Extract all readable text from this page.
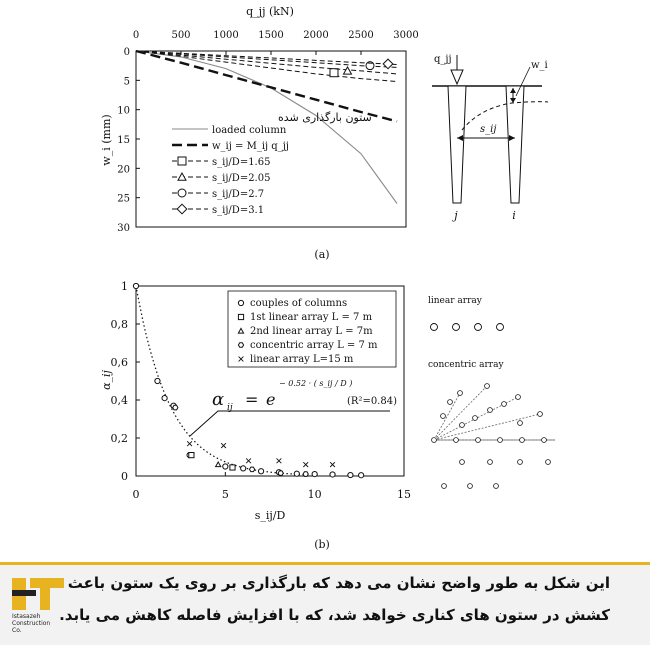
q_jj (kN)
0	500 1000 1500 2000 2500 3000
0
5
10
15
20
25
30
w_i (mm)	ستون بارگذاری شده
loaded column
w_ij = M_ij q_jj
s_ij/D=1.65
s_ij/D=2.05
s_ij/D=2.7
s_ij/D=3.1
(a)
q_jj
w_i
s_ij
j	i
0	5	10	15
0
0,2
0,4
0,6
0,8
1
α_ij
s_ij/D
couples of columns
1st linear array L = 7 m
2nd linear array L = 7m
concentric array L = 7 m
linear array L=15 m
α ij = e
− 0.52 · ( s_ij / D )
(R²=0.84)
(b)
linear array
concentric array
Istasazeh
Construction
Co.
این شکل به طور واضح نشان می دهد که بارگذاری بر روی یک ستون باعث
کشش در ستون های کناری خواهد شد، که با افزایش فاصله کاهش می یابد.
